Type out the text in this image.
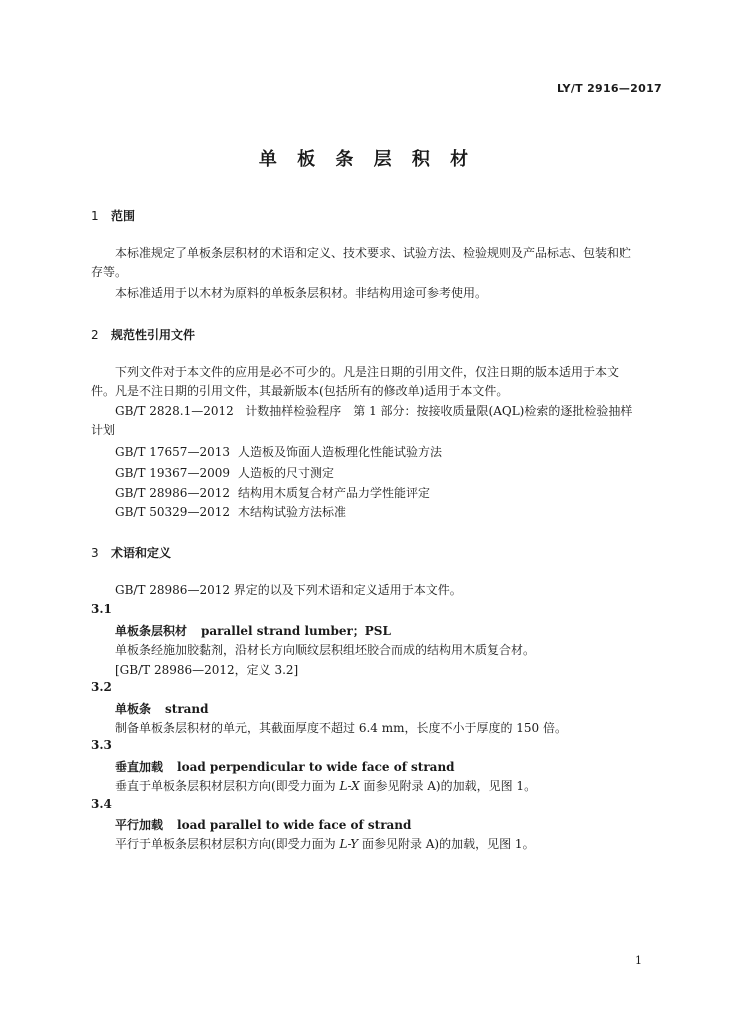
LY/T 2916—2017
单 板 条 层 积 材
1 范围

本标准规定了单板条层积材的术语和定义、技术要求、试验方法、检验规则及产品标志、包装和贮

存等。

本标准适用于以木材为原料的单板条层积材。非结构用途可参考使用。

2 规范性引用文件

下列文件对于本文件的应用是必不可少的。凡是注日期的引用文件，仅注日期的版本适用于本文

件。凡是不注日期的引用文件，其最新版本(包括所有的修改单)适用于本文件。

GB/T 2828.1—2012 计数抽样检验程序　第 1 部分：按接收质量限(AQL)检索的逐批检验抽样

计划

GB/T 17657—2013 人造板及饰面人造板理化性能试验方法

GB/T 19367—2009 人造板的尺寸测定

GB/T 28986—2012 结构用木质复合材产品力学性能评定

GB/T 50329—2012 木结构试验方法标准

3 术语和定义

GB/T 28986—2012 界定的以及下列术语和定义适用于本文件。

3.1

单板条层积材 parallel strand lumber；PSL

单板条经施加胶黏剂，沿材长方向顺纹层积组坯胶合而成的结构用木质复合材。

[GB/T 28986—2012，定义 3.2]

3.2

单板条 strand

制备单板条层积材的单元，其截面厚度不超过 6.4 mm，长度不小于厚度的 150 倍。

3.3

垂直加载 load perpendicular to wide face of strand

垂直于单板条层积材层积方向(即受力面为 L-X 面参见附录 A)的加载，见图 1。

3.4

平行加载 load parallel to wide face of strand

平行于单板条层积材层积方向(即受力面为 L-Y 面参见附录 A)的加载，见图 1。

1
